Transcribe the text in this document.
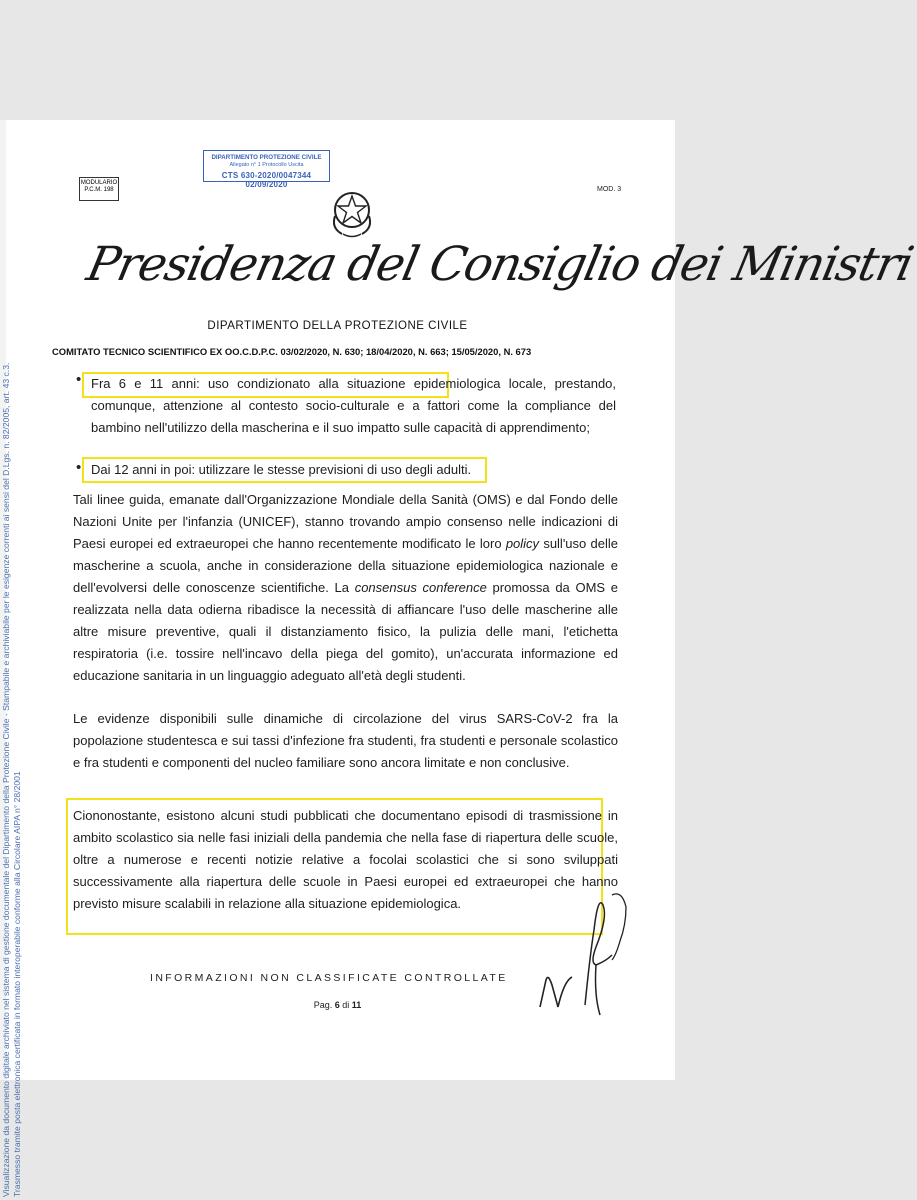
Visualizzazione da documento digitale archiviato nel sistema di gestione documentale del Dipartimento della Protezione Civile - Stampabile e archiviabile per le esigenze correnti ai sensi del D.Lgs. n. 82/2005, art. 43 c.3. Trasmesso tramite posta elettronica certificata in formato interoperabile conforme alla Circolare AIPA n° 28/2001
MODULARIO
P.C.M. 198
DIPARTIMENTO PROTEZIONE CIVILE
Allegato n° 1 Protocollo Uscita
CTS 630-2020/0047344 02/09/2020
MOD. 3
Presidenza del Consiglio dei Ministri
DIPARTIMENTO DELLA PROTEZIONE CIVILE
COMITATO TECNICO SCIENTIFICO EX OO.C.D.P.C. 03/02/2020, N. 630; 18/04/2020, N. 663; 15/05/2020, N. 673
• Fra 6 e 11 anni: uso condizionato alla situazione epidemiologica locale, prestando, comunque, attenzione al contesto socio-culturale e a fattori come la compliance del bambino nell'utilizzo della mascherina e il suo impatto sulle capacità di apprendimento;
• Dai 12 anni in poi: utilizzare le stesse previsioni di uso degli adulti.
Tali linee guida, emanate dall'Organizzazione Mondiale della Sanità (OMS) e dal Fondo delle Nazioni Unite per l'infanzia (UNICEF), stanno trovando ampio consenso nelle indicazioni di Paesi europei ed extraeuropei che hanno recentemente modificato le loro policy sull'uso delle mascherine a scuola, anche in considerazione della situazione epidemiologica nazionale e dell'evolversi delle conoscenze scientifiche. La consensus conference promossa da OMS e realizzata nella data odierna ribadisce la necessità di affiancare l'uso delle mascherine alle altre misure preventive, quali il distanziamento fisico, la pulizia delle mani, l'etichetta respiratoria (i.e. tossire nell'incavo della piega del gomito), un'accurata informazione ed educazione sanitaria in un linguaggio adeguato all'età degli studenti.
Le evidenze disponibili sulle dinamiche di circolazione del virus SARS-CoV-2 fra la popolazione studentesca e sui tassi d'infezione fra studenti, fra studenti e personale scolastico e fra studenti e componenti del nucleo familiare sono ancora limitate e non conclusive.
Ciononostante, esistono alcuni studi pubblicati che documentano episodi di trasmissione in ambito scolastico sia nelle fasi iniziali della pandemia che nella fase di riapertura delle scuole, oltre a numerose e recenti notizie relative a focolai scolastici che si sono sviluppati successivamente alla riapertura delle scuole in Paesi europei ed extraeuropei che hanno previsto misure scalabili in relazione alla situazione epidemiologica.
INFORMAZIONI NON CLASSIFICATE CONTROLLATE
Pag. 6 di 11
